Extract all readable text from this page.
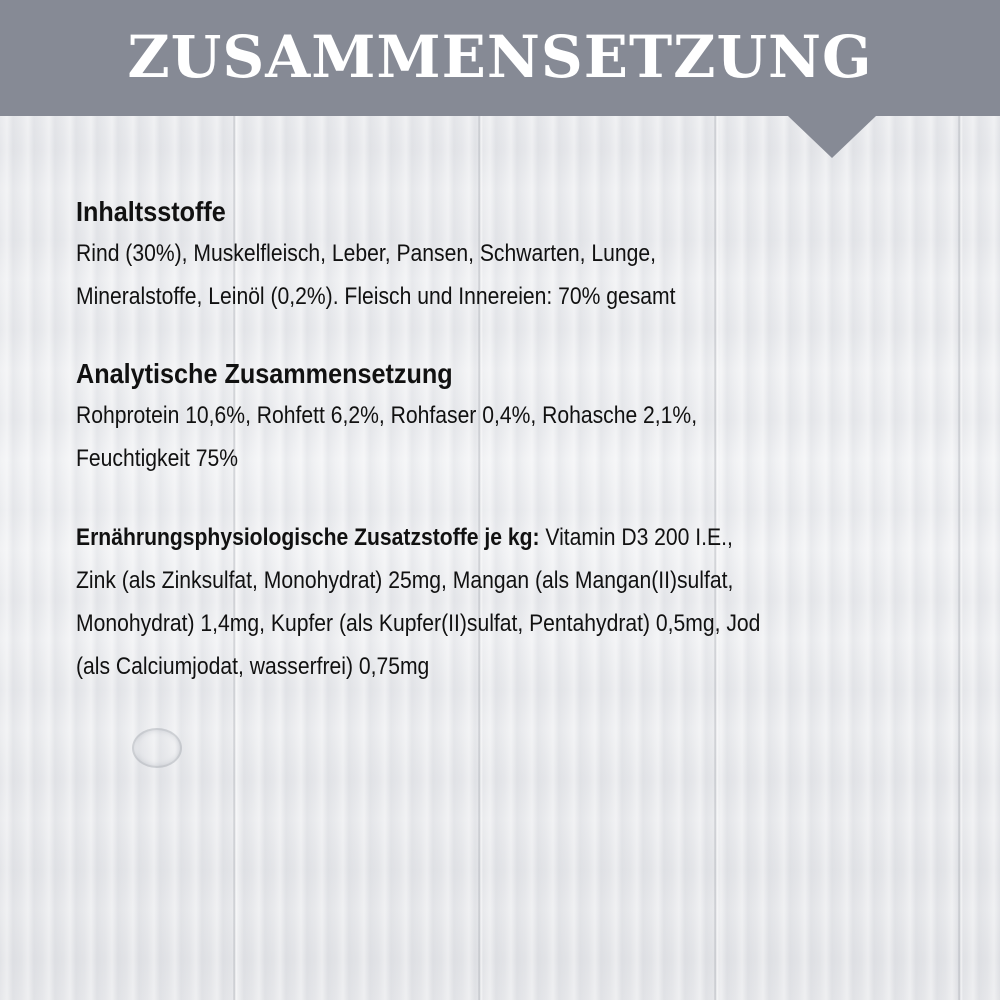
ZUSAMMENSETZUNG
Inhaltsstoffe
Rind (30%), Muskelfleisch, Leber, Pansen, Schwarten, Lunge,
Mineralstoffe, Leinöl (0,2%). Fleisch und Innereien: 70% gesamt
Analytische Zusammensetzung
Rohprotein 10,6%, Rohfett 6,2%, Rohfaser 0,4%, Rohasche 2,1%,
Feuchtigkeit 75%
Ernährungsphysiologische Zusatzstoffe je kg: Vitamin D3 200 I.E.,
Zink (als Zinksulfat, Monohydrat) 25mg, Mangan (als Mangan(II)sulfat,
Monohydrat) 1,4mg, Kupfer (als Kupfer(II)sulfat, Pentahydrat) 0,5mg, Jod
(als Calciumjodat, wasserfrei) 0,75mg
